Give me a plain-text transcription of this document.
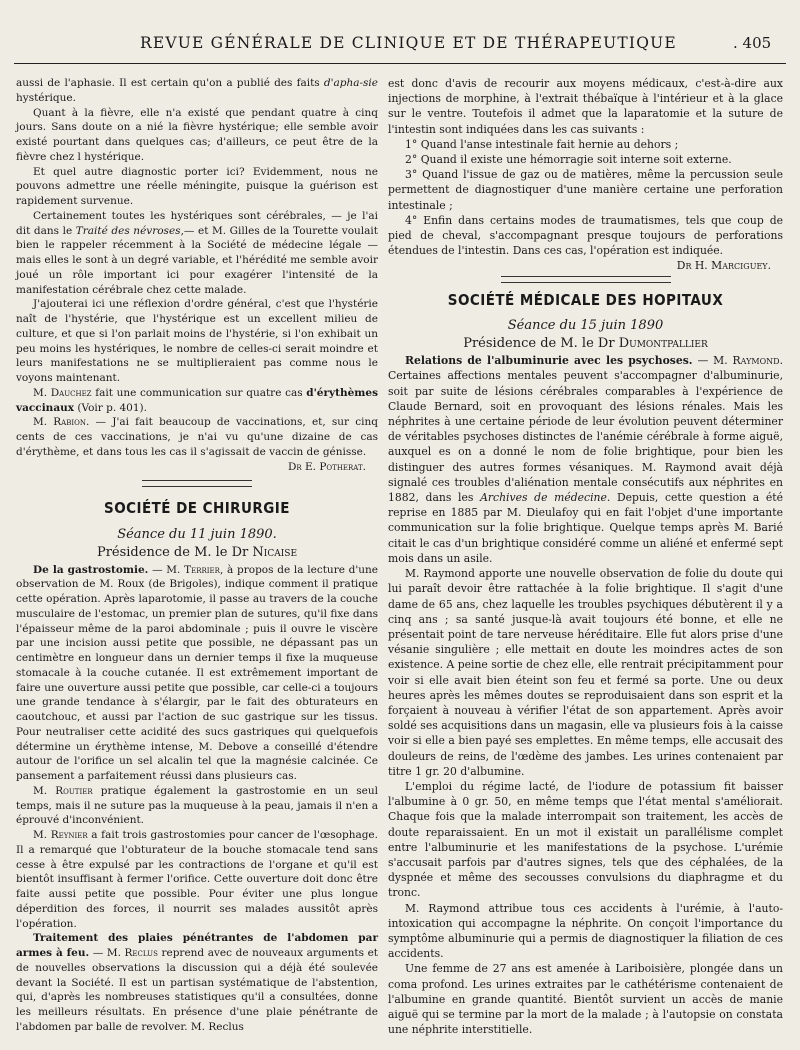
REVUE GÉNÉRALE DE CLINIQUE ET DE THÉRAPEUTIQUE	. 405

aussi de l'aphasie. Il est certain qu'on a publié des faits d'apha-sie hystérique.

Quant à la fièvre, elle n'a existé que pendant quatre à cinq jours. Sans doute on a nié la fièvre hystérique; elle semble avoir existé pourtant dans quelques cas; d'ailleurs, ce peut être de la fièvre chez l hystérique.

Et quel autre diagnostic porter ici? Evidemment, nous ne pouvons admettre une réelle méningite, puisque la guérison est rapidement survenue.

Certainement toutes les hystériques sont cérébrales, — je l'ai dit dans le Traité des névroses,— et M. Gilles de la Tourette voulait bien le rappeler récemment à la Société de médecine légale — mais elles le sont à un degré variable, et l'hérédité me semble avoir joué un rôle important ici pour exagérer l'intensité de la manifestation cérébrale chez cette malade.

J'ajouterai ici une réflexion d'ordre général, c'est que l'hystérie naît de l'hystérie, que l'hystérique est un excellent milieu de culture, et que si l'on parlait moins de l'hystérie, si l'on exhibait un peu moins les hystériques, le nombre de celles-ci serait moindre et leurs manifestations ne se multiplieraient pas comme nous le voyons maintenant.

M. Dauchez fait une communication sur quatre cas d'érythèmes vaccinaux (Voir p. 401).

M. Rabion. — J'ai fait beaucoup de vaccinations, et, sur cinq cents de ces vaccinations, je n'ai vu qu'une dizaine de cas d'érythème, et dans tous les cas il s'agissait de vaccin de génisse.

Dr E. Potherat.

SOCIÉTÉ DE CHIRURGIE
Séance du 11 juin 1890.
Présidence de M. le Dr Nicaise

De la gastrostomie. — M. Terrier, à propos de la lecture d'une observation de M. Roux (de Brigoles), indique comment il pratique cette opération. Après laparotomie, il passe au travers de la couche musculaire de l'estomac, un premier plan de sutures, qu'il fixe dans l'épaisseur même de la paroi abdominale ; puis il ouvre le viscère par une incision aussi petite que possible, ne dépassant pas un centimètre en longueur dans un dernier temps il fixe la muqueuse stomacale à la couche cutanée. Il est extrêmement important de faire une ouverture aussi petite que possible, car celle-ci a toujours une grande tendance à s'élargir, par le fait des obturateurs en caoutchouc, et aussi par l'action de suc gastrique sur les tissus. Pour neutraliser cette acidité des sucs gastriques qui quelquefois détermine un érythème intense, M. Debove a conseillé d'étendre autour de l'orifice un sel alcalin tel que la magnésie calcinée. Ce pansement a parfaitement réussi dans plusieurs cas.

M. Routier pratique également la gastrostomie en un seul temps, mais il ne suture pas la muqueuse à la peau, jamais il n'en a éprouvé d'inconvénient.

M. Reynier a fait trois gastrostomies pour cancer de l'œsophage. Il a remarqué que l'obturateur de la bouche stomacale tend sans cesse à être expulsé par les contractions de l'organe et qu'il est bientôt insuffisant à fermer l'orifice. Cette ouverture doit donc être faite aussi petite que possible. Pour éviter une plus longue déperdition des forces, il nourrit ses malades aussitôt après l'opération.

Traitement des plaies pénétrantes de l'abdomen par armes à feu. — M. Reclus reprend avec de nouveaux arguments et de nouvelles observations la discussion qui a déjà été soulevée devant la Société. Il est un partisan systématique de l'abstention, qui, d'après les nombreuses statistiques qu'il a consultées, donne les meilleurs résultats. En présence d'une plaie pénétrante de l'abdomen par balle de revolver. M. Reclus

est donc d'avis de recourir aux moyens médicaux, c'est-à-dire aux injections de morphine, à l'extrait thébaïque à l'intérieur et à la glace sur le ventre. Toutefois il admet que la laparatomie et la suture de l'intestin sont indiquées dans les cas suivants :

1° Quand l'anse intestinale fait hernie au dehors ;

2° Quand il existe une hémorragie soit interne soit externe.

3° Quand l'issue de gaz ou de matières, même la percussion seule permettent de diagnostiquer d'une manière certaine une perforation intestinale ;

4° Enfin dans certains modes de traumatismes, tels que coup de pied de cheval, s'accompagnant presque toujours de perforations étendues de l'intestin. Dans ces cas, l'opération est indiquée.

Dr H. Marciguey.

SOCIÉTÉ MÉDICALE DES HOPITAUX
Séance du 15 juin 1890
Présidence de M. le Dr Dumontpallier

Relations de l'albuminurie avec les psychoses. — M. Raymond. Certaines affections mentales peuvent s'accompagner d'albuminurie, soit par suite de lésions cérébrales comparables à l'expérience de Claude Bernard, soit en provoquant des lésions rénales. Mais les néphrites à une certaine période de leur évolution peuvent déterminer de véritables psychoses distinctes de l'anémie cérébrale à forme aiguë, auxquel es on a donné le nom de folie brightique, pour bien les distinguer des autres formes vésaniques. M. Raymond avait déjà signalé ces troubles d'aliénation mentale consécutifs aux néphrites en 1882, dans les Archives de médecine. Depuis, cette question a été reprise en 1885 par M. Dieulafoy qui en fait l'objet d'une importante communication sur la folie brightique. Quelque temps après M. Barié citait le cas d'un brightique considéré comme un aliéné et enfermé sept mois dans un asile.

M. Raymond apporte une nouvelle observation de folie du doute qui lui paraît devoir être rattachée à la folie brightique. Il s'agit d'une dame de 65 ans, chez laquelle les troubles psychiques débutèrent il y a cinq ans ; sa santé jusque-là avait toujours été bonne, et elle ne présentait point de tare nerveuse héréditaire. Elle fut alors prise d'une vésanie singulière ; elle mettait en doute les moindres actes de son existence. A peine sortie de chez elle, elle rentrait précipitamment pour voir si elle avait bien éteint son feu et fermé sa porte. Une ou deux heures après les mêmes doutes se reproduisaient dans son esprit et la forçaient à nouveau à vérifier l'état de son appartement. Après avoir soldé ses acquisitions dans un magasin, elle va plusieurs fois à la caisse voir si elle a bien payé ses emplettes. En même temps, elle accusait des douleurs de reins, de l'œdème des jambes. Les urines contenaient par titre 1 gr. 20 d'albumine.

L'emploi du régime lacté, de l'iodure de potassium fit baisser l'albumine à 0 gr. 50, en même temps que l'état mental s'améliorait. Chaque fois que la malade interrompait son traitement, les accès de doute reparaissaient. En un mot il existait un parallélisme complet entre l'albuminurie et les manifestations de la psychose. L'urémie s'accusait parfois par d'autres signes, tels que des céphalées, de la dyspnée et même des secousses convulsions du diaphragme et du tronc.

M. Raymond attribue tous ces accidents à l'urémie, à l'auto-intoxication qui accompagne la néphrite. On conçoit l'importance du symptôme albuminurie qui a permis de diagnostiquer la filiation de ces accidents.

Une femme de 27 ans est amenée à Lariboisière, plongée dans un coma profond. Les urines extraites par le cathétérisme contenaient de l'albumine en grande quantité. Bientôt survient un accès de manie aiguë qui se termine par la mort de la malade ; à l'autopsie on constata une néphrite interstitielle.
